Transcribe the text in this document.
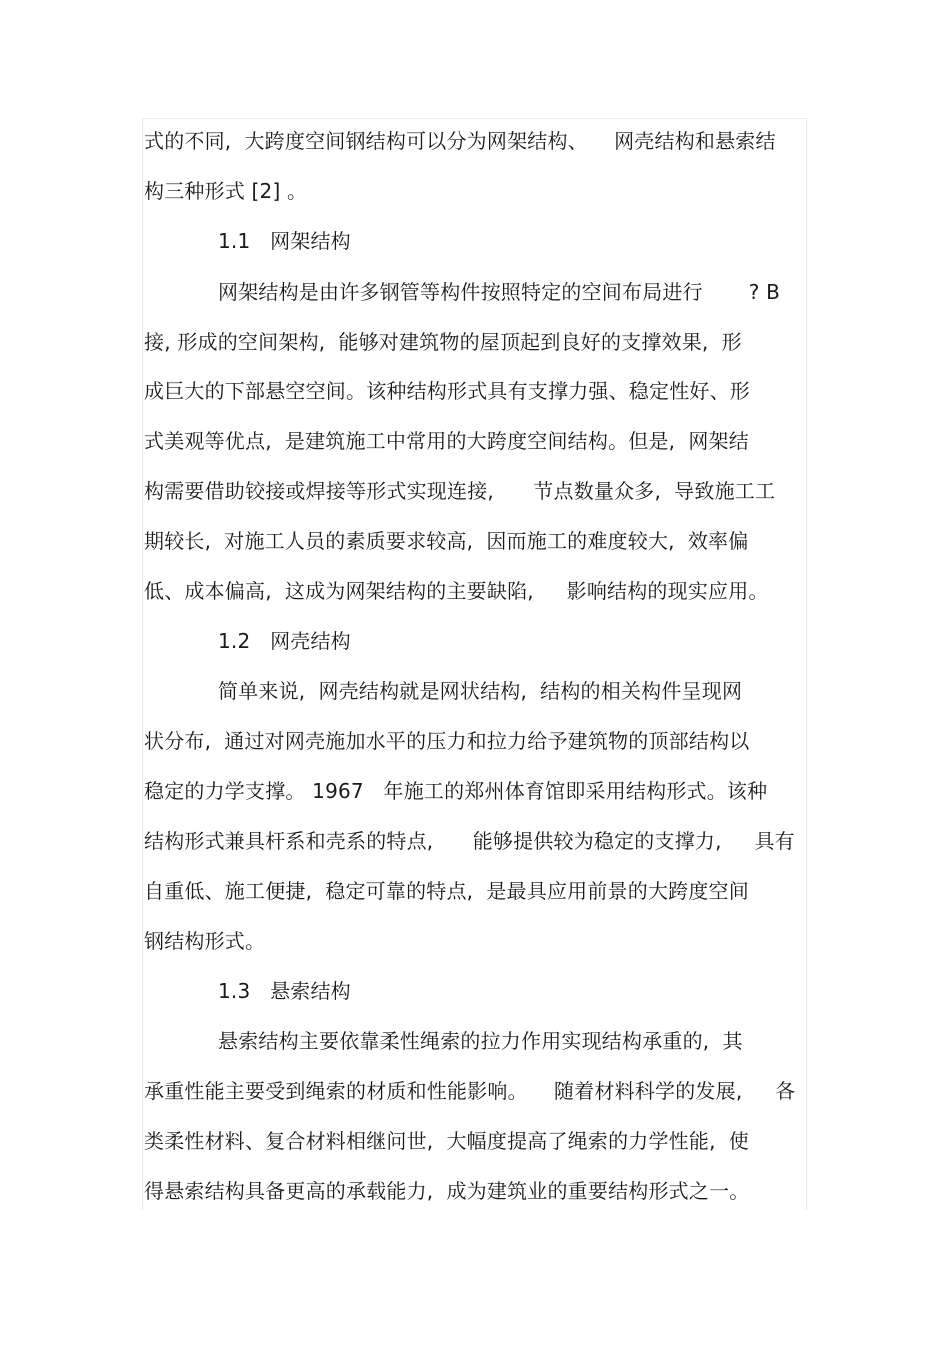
式的不同,  大跨度空间钢结构可以分为网架结构、    网壳结构和悬索结
构三种形式 [2] 。
1.1   网架结构
网架结构是由许多钢管等构件按照特定的空间布局进行       ? B
接, 形成的空间架构,  能够对建筑物的屋顶起到良好的支撑效果,  形
成巨大的下部悬空空间。该种结构形式具有支撑力强、稳定性好、形
式美观等优点,  是建筑施工中常用的大跨度空间结构。但是,  网架结
构需要借助铰接或焊接等形式实现连接,      节点数量众多,  导致施工工
期较长,  对施工人员的素质要求较高,  因而施工的难度较大,  效率偏
低、成本偏高,  这成为网架结构的主要缺陷,     影响结构的现实应用。
1.2   网壳结构
简单来说,  网壳结构就是网状结构,  结构的相关构件呈现网
状分布,  通过对网壳施加水平的压力和拉力给予建筑物的顶部结构以
稳定的力学支撑。 1967   年施工的郑州体育馆即采用结构形式。该种
结构形式兼具杆系和壳系的特点,      能够提供较为稳定的支撑力,     具有
自重低、施工便捷,  稳定可靠的特点,  是最具应用前景的大跨度空间
钢结构形式。
1.3   悬索结构
悬索结构主要依靠柔性绳索的拉力作用实现结构承重的,  其
承重性能主要受到绳索的材质和性能影响。    随着材料科学的发展,     各
类柔性材料、复合材料相继问世,  大幅度提高了绳索的力学性能,  使
得悬索结构具备更高的承载能力,  成为建筑业的重要结构形式之一。
